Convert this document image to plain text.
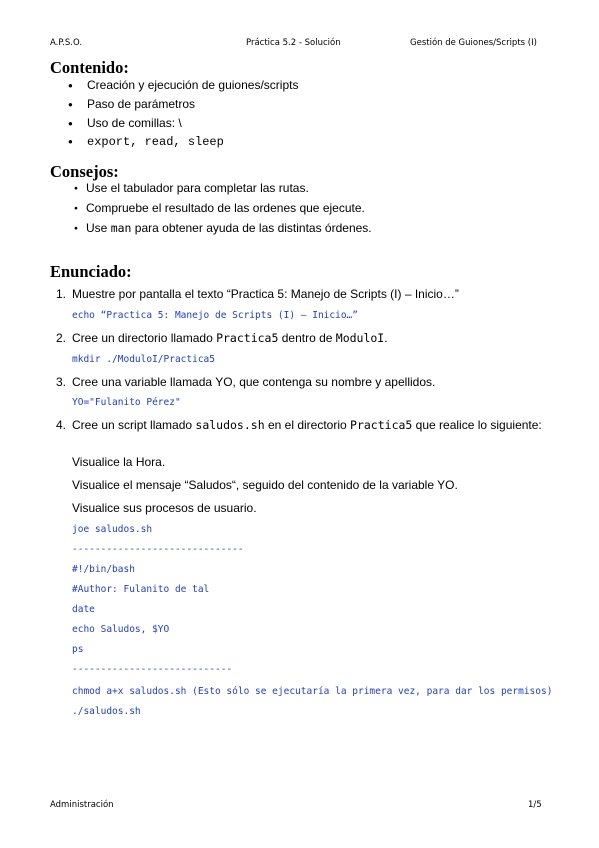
A.P.S.O.	Práctica 5.2 - Solución	Gestión de Guiones/Scripts (I)
Contenido:
● Creación y ejecución de guiones/scripts
● Paso de parámetros
● Uso de comillas: \
● export, read, sleep
Consejos:
● Use el tabulador para completar las rutas.
● Compruebe el resultado de las ordenes que ejecute.
● Use man para obtener ayuda de las distintas órdenes.
Enunciado:
1. Muestre por pantalla el texto “Practica 5: Manejo de Scripts (I) – Inicio…”
echo “Practica 5: Manejo de Scripts (I) – Inicio…”
2. Cree un directorio llamado Practica5 dentro de ModuloI.
mkdir ./ModuloI/Practica5
3. Cree una variable llamada YO, que contenga su nombre y apellidos.
YO="Fulanito Pérez"
4. Cree un script llamado saludos.sh en el directorio Practica5 que realice lo siguiente:
Visualice la Hora.
Visualice el mensaje “Saludos“, seguido del contenido de la variable YO.
Visualice sus procesos de usuario.
joe saludos.sh
------------------------------
#!/bin/bash
#Author: Fulanito de tal
date
echo Saludos, $YO
ps
----------------------------
chmod a+x saludos.sh (Esto sólo se ejecutaría la primera vez, para dar los permisos)
./saludos.sh
Administración	1/5
